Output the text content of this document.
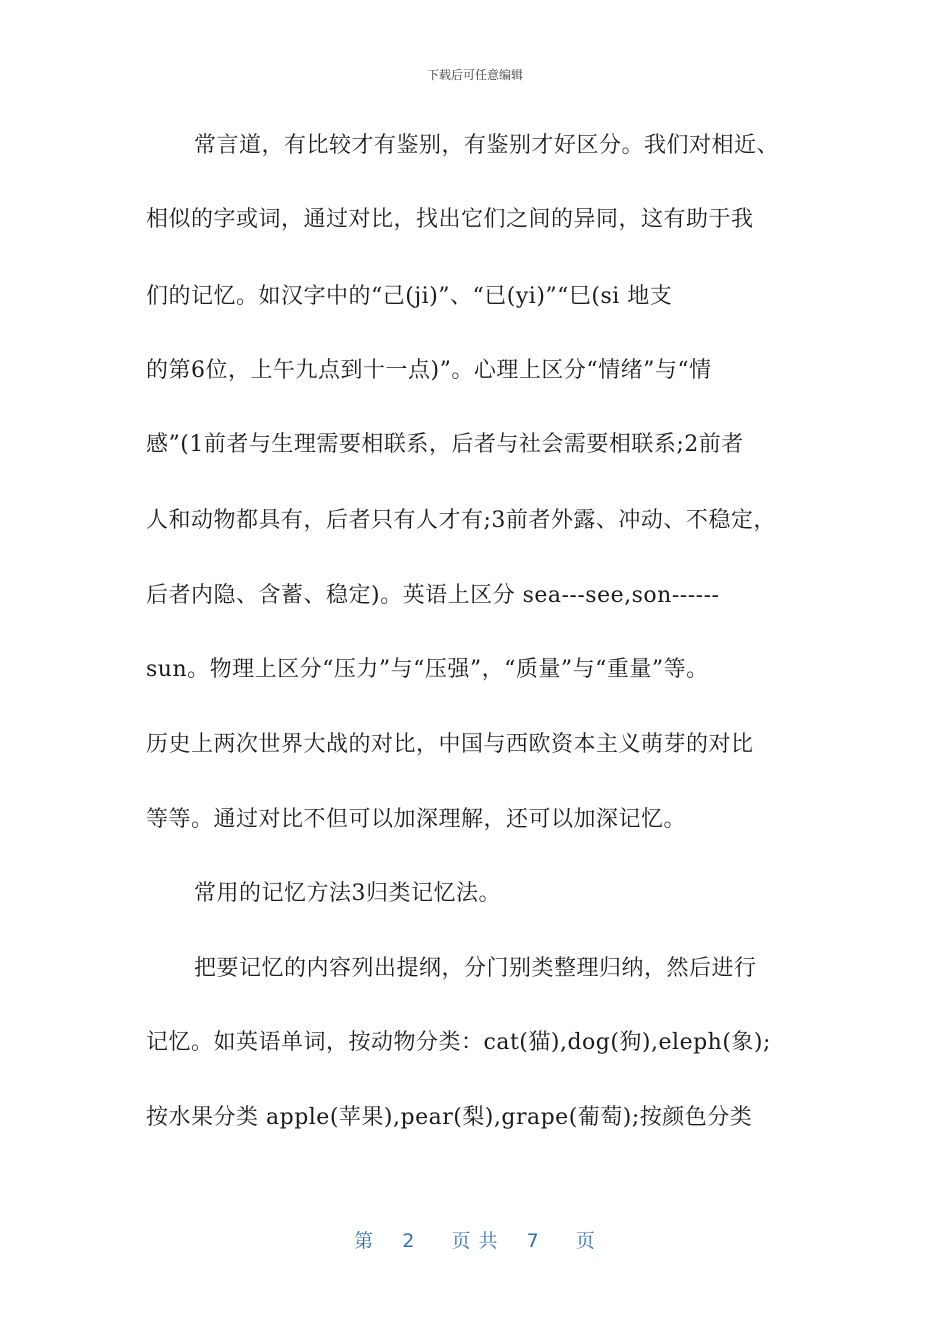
下载后可任意编辑
常言道，有比较才有鉴别，有鉴别才好区分。我们对相近、
相似的字或词，通过对比，找出它们之间的异同，这有助于我
们的记忆。如汉字中的“己(ji)”、“已(yi)”“巳(si 地支
的第6位，上午九点到十一点)”。心理上区分“情绪”与“情
感”(1前者与生理需要相联系，后者与社会需要相联系;2前者
人和动物都具有，后者只有人才有;3前者外露、冲动、不稳定，
后者内隐、含蓄、稳定)。英语上区分 sea---see,son------
sun。物理上区分“压力”与“压强”，“质量”与“重量”等。
历史上两次世界大战的对比，中国与西欧资本主义萌芽的对比
等等。通过对比不但可以加深理解，还可以加深记忆。
常用的记忆方法3归类记忆法。
把要记忆的内容列出提纲，分门别类整理归纳，然后进行
记忆。如英语单词，按动物分类：cat(猫),dog(狗),eleph(象);
按水果分类 apple(苹果),pear(梨),grape(葡萄);按颜色分类
第 2 页 共 7 页
